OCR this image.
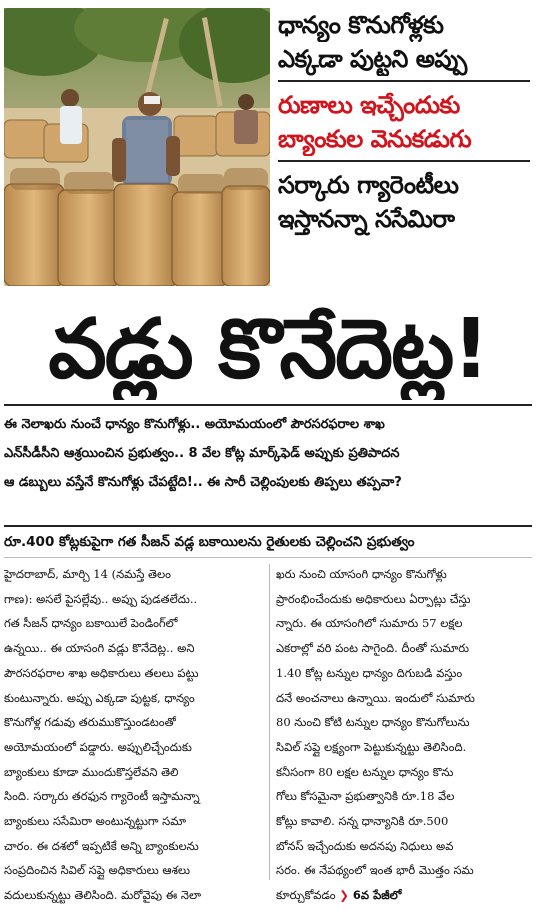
ధాన్యం కొనుగోళ్లకు
ఎక్కడా పుట్టని అప్పు
రుణాలు ఇచ్చేందుకు
బ్యాంకుల వెనుకడుగు
సర్కారు గ్యారెంటీలు
ఇస్తానన్నా ససేమిరా
వడ్లు కొనేదెట్ల!
ఈ నెలాఖరు నుంచే ధాన్యం కొనుగోళ్లు.. అయోమయంలో పౌరసరఫరాల శాఖ
ఎన్‌సీడీసీని ఆశ్రయించిన ప్రభుత్వం.. 8 వేల కోట్ల మార్క్‌ఫెడ్‌ అప్పుకు ప్రతిపాదన
ఆ డబ్బులు వస్తేనే కొనుగోళ్లు చేపట్టేది!.. ఈ సారీ చెల్లింపులకు తిప్పలు తప్పవా?
రూ.400 కోట్లకుపైగా గత సీజన్‌ వడ్ల బకాయిలను రైతులకు చెల్లించని ప్రభుత్వం
హైదరాబాద్‌, మార్చి 14 (నమస్తే తెలం
గాణ): అసలే పైసల్లేవు.. అప్పు పుడతలేదు..
గత సీజన్‌ ధాన్యం బకాయిలే పెండింగ్‌లో
ఉన్నయి.. ఈ యాసంగి వడ్లు కొనేదెట్ల.. అని
పౌరసరఫరాల శాఖ అధికారులు తలలు పట్టు
కుంటున్నారు. అప్పు ఎక్కడా పుట్టక, ధాన్యం
కొనుగోళ్ల గడువు తరుముకొస్తుండటంతో
అయోమయంలో పడ్డారు. అప్పులిచ్చేందుకు
బ్యాంకులు కూడా ముందుకొస్తలేవని తెలి
సింది. సర్కారు తరఫున గ్యారెంటీ ఇస్తామన్నా
బ్యాంకులు ససేమిరా అంటున్నట్టుగా సమా
చారం. ఈ దశలో ఇప్పటికే అన్ని బ్యాంకులను
సంప్రదించిన సివిల్‌ సప్లై అధికారులు ఆశలు
వదులుకున్నట్టు తెలిసింది. మరోవైపు ఈ నెలా
ఖరు నుంచి యాసంగి ధాన్యం కొనుగోళ్లు
ప్రారంభించేందుకు అధికారులు ఏర్పాట్లు చేస్తు
న్నారు. ఈ యాసంగిలో సుమారు 57 లక్షల
ఎకరాల్లో వరి పంట సాగైంది. దీంతో సుమారు
1.40 కోట్ల టన్నుల ధాన్యం దిగుబడి వస్తుం
దనే అంచనాలు ఉన్నాయి. ఇందులో సుమారు
80 నుంచి కోటి టన్నుల ధాన్యం కొనుగోలును
సివిల్‌ సప్లై లక్ష్యంగా పెట్టుకున్నట్టు తెలిసింది.
కనీసంగా 80 లక్షల టన్నుల ధాన్యం కొను
గోలు కోసమైనా ప్రభుత్వానికి రూ.18 వేల
కోట్లు కావాలి. సన్న ధాన్యానికి రూ.500
బోనస్‌ ఇచ్చేందుకు అదనపు నిధులు అవ
సరం. ఈ నేపథ్యంలో ఇంత భారీ మొత్తం సమ
కూర్చుకోవడం ❯ 6వ పేజీలో
